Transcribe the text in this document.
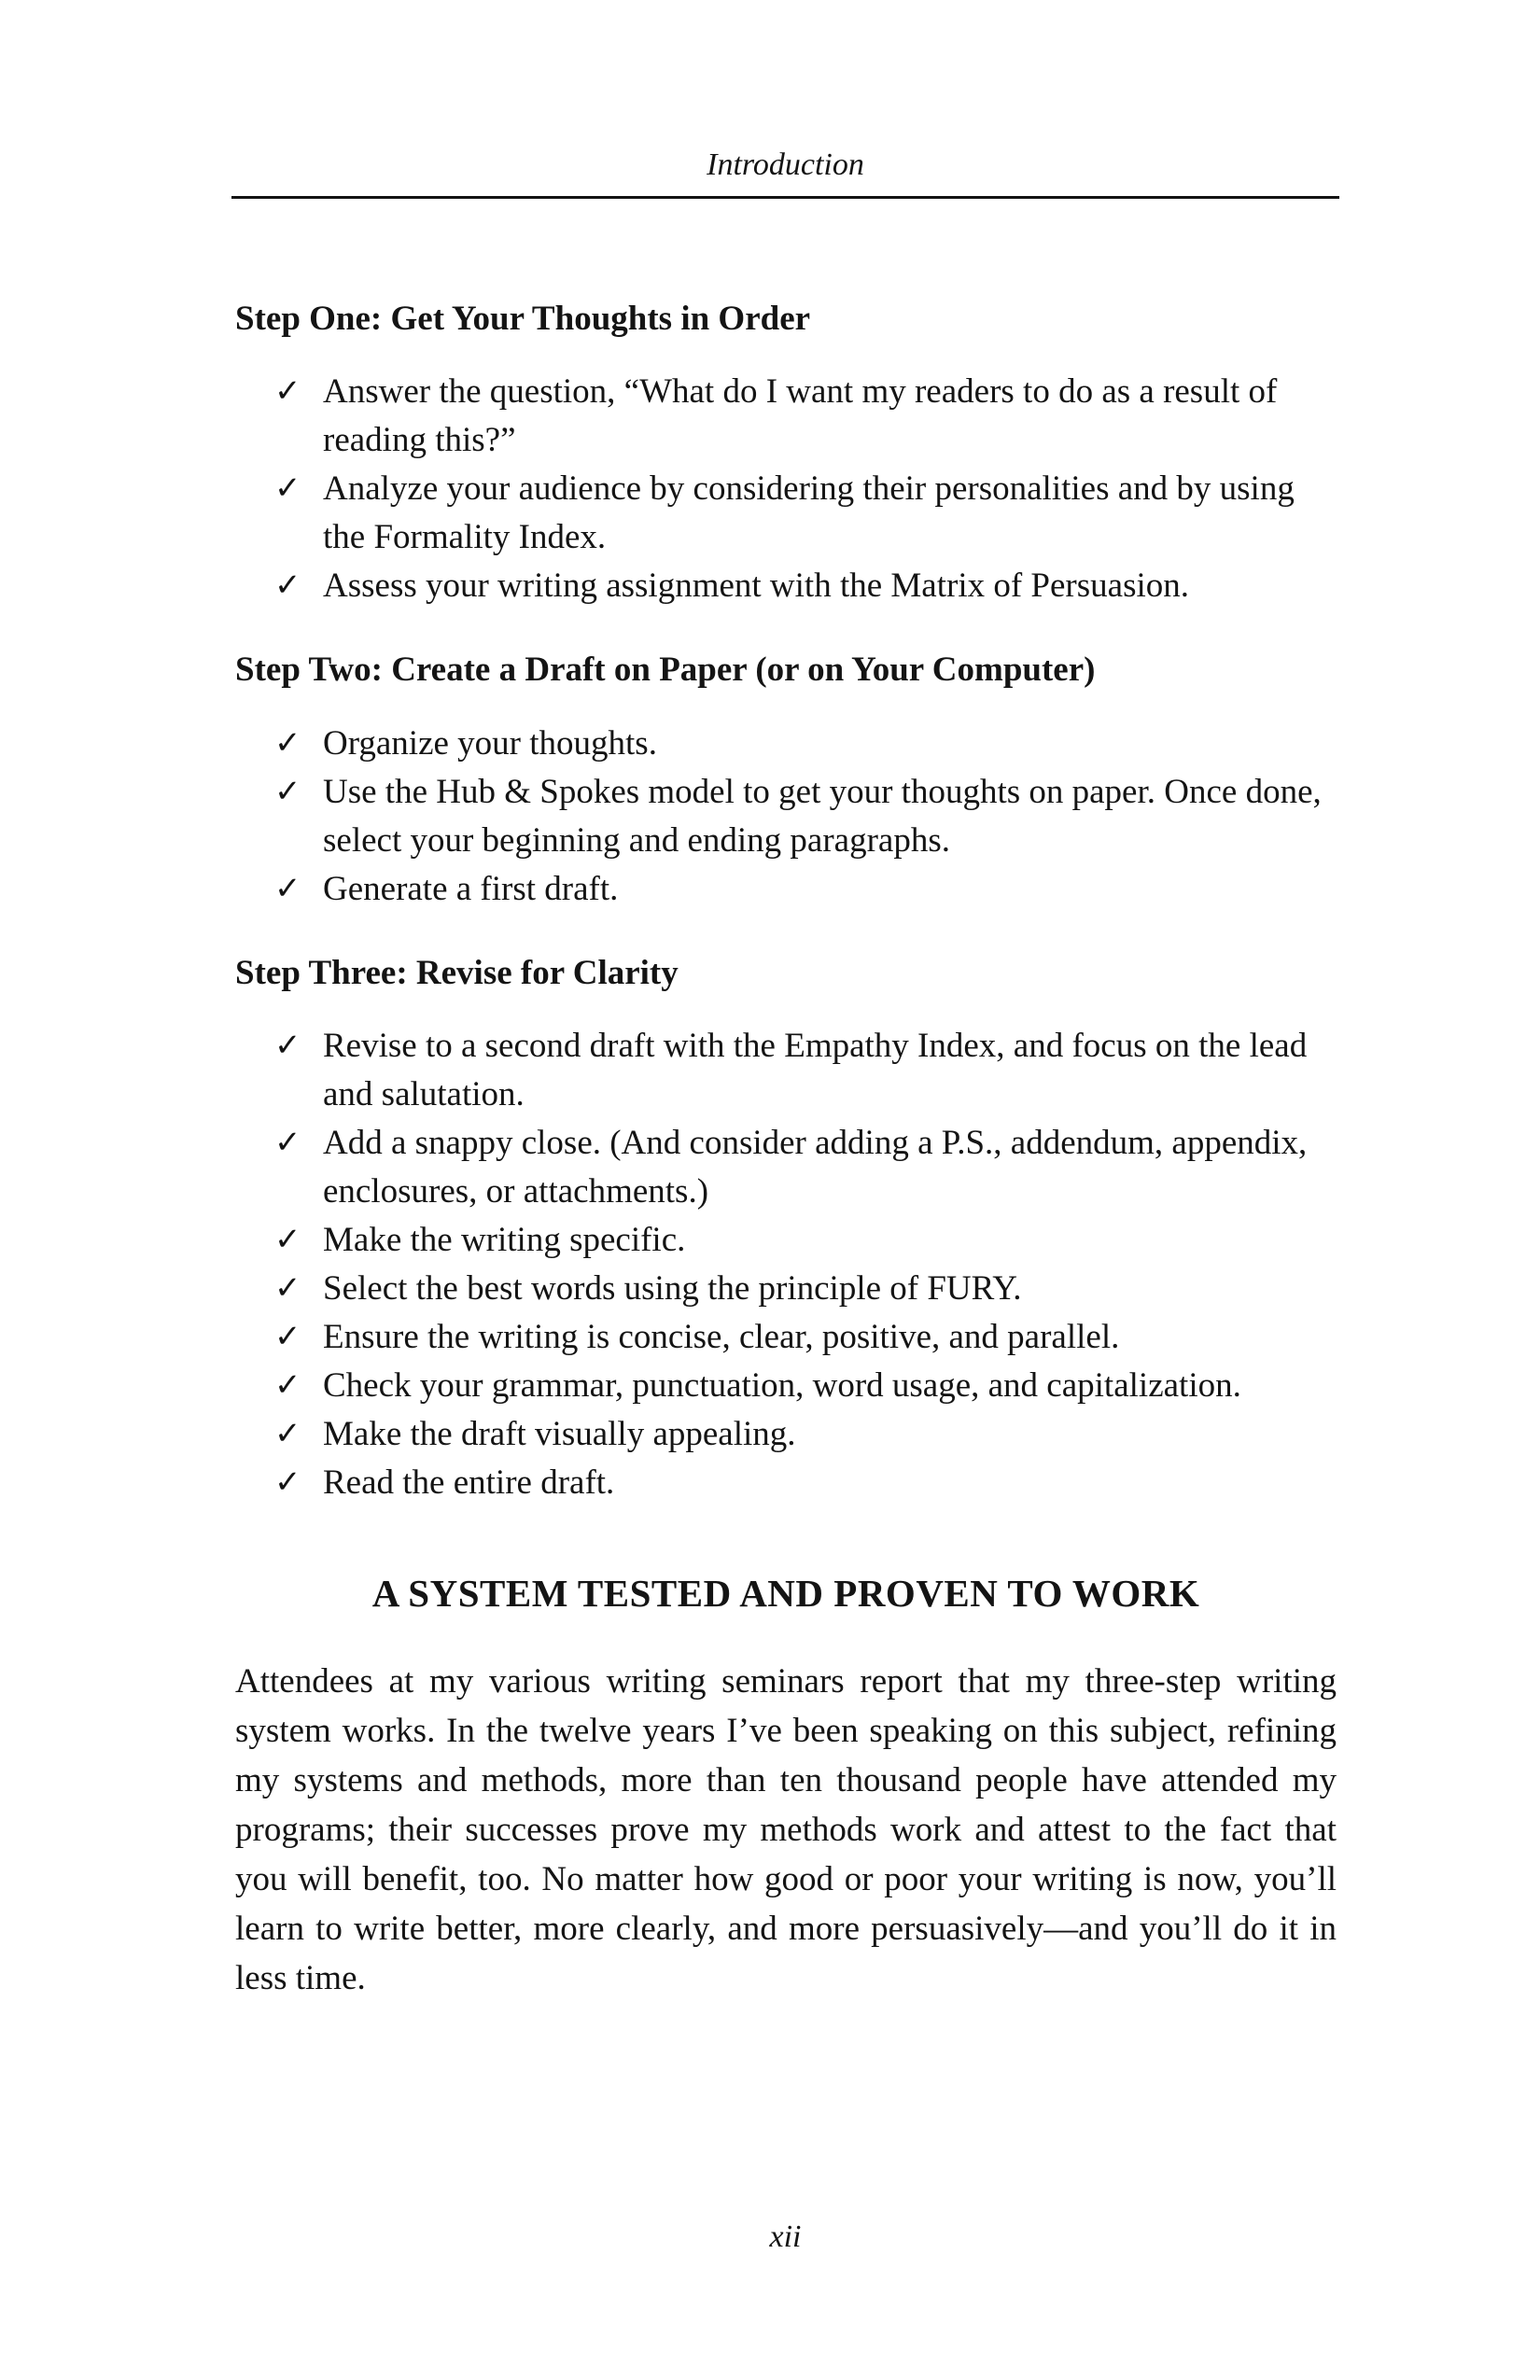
Introduction
Step One: Get Your Thoughts in Order
✓ Answer the question, “What do I want my readers to do as a result of reading this?”
✓ Analyze your audience by considering their personalities and by using the Formality Index.
✓ Assess your writing assignment with the Matrix of Persuasion.
Step Two: Create a Draft on Paper (or on Your Computer)
✓ Organize your thoughts.
✓ Use the Hub & Spokes model to get your thoughts on paper. Once done, select your beginning and ending paragraphs.
✓ Generate a first draft.
Step Three: Revise for Clarity
✓ Revise to a second draft with the Empathy Index, and focus on the lead and salutation.
✓ Add a snappy close. (And consider adding a P.S., addendum, appendix, enclosures, or attachments.)
✓ Make the writing specific.
✓ Select the best words using the principle of FURY.
✓ Ensure the writing is concise, clear, positive, and parallel.
✓ Check your grammar, punctuation, word usage, and capitalization.
✓ Make the draft visually appealing.
✓ Read the entire draft.
A SYSTEM TESTED AND PROVEN TO WORK

Attendees at my various writing seminars report that my three-step writing system works. In the twelve years I’ve been speaking on this subject, refining my systems and methods, more than ten thousand people have attended my programs; their successes prove my methods work and attest to the fact that you will benefit, too. No matter how good or poor your writing is now, you’ll learn to write better, more clearly, and more persuasively—and you’ll do it in less time.

xii
